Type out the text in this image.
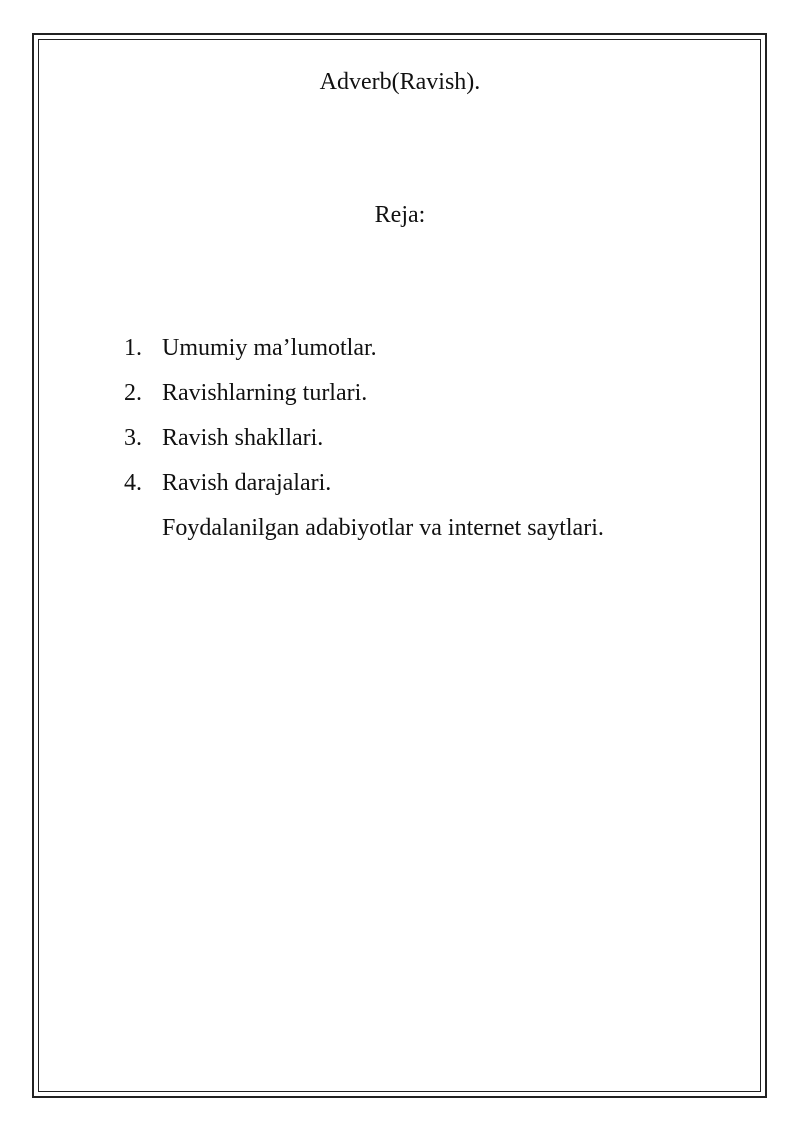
Adverb(Ravish).
Reja:
1. Umumiy ma’lumotlar.
2. Ravishlarning turlari.
3. Ravish shakllari.
4. Ravish darajalari.
Foydalanilgan adabiyotlar va internet saytlari.
